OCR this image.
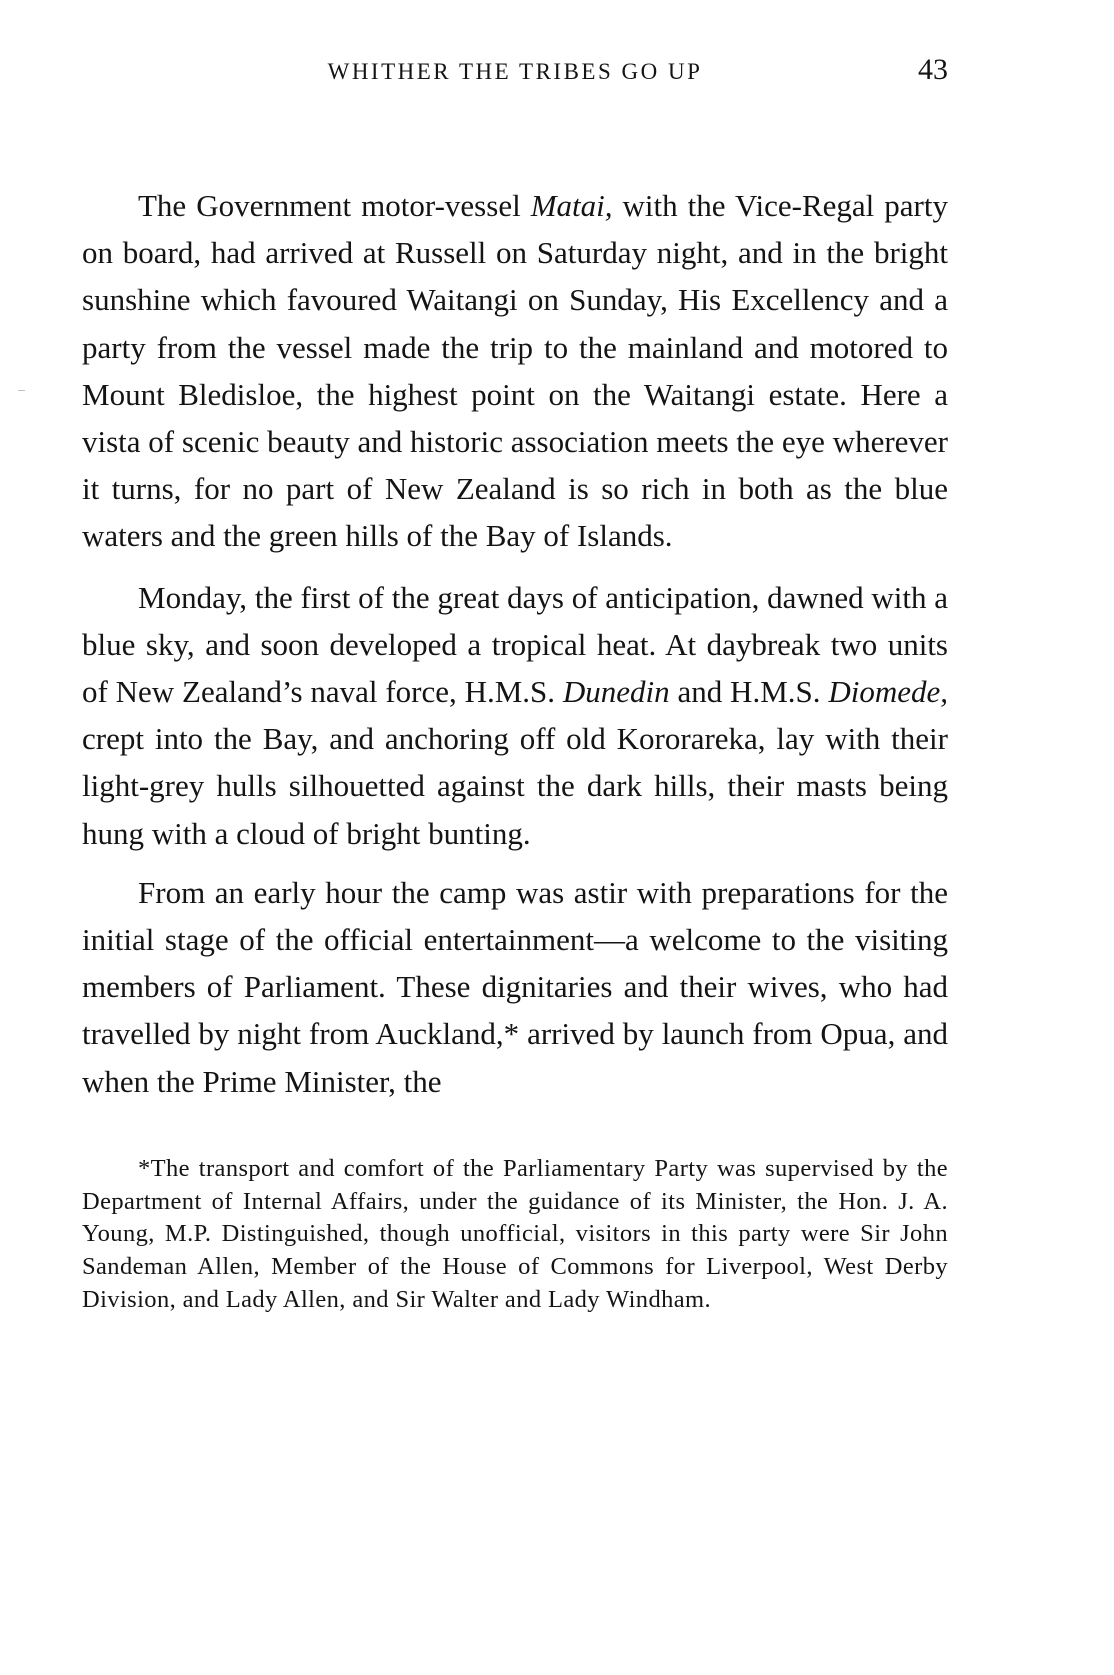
WHITHER THE TRIBES GO UP	43

The Government motor-vessel Matai, with the Vice-Regal party on board, had arrived at Russell on Saturday night, and in the bright sunshine which favoured Waitangi on Sunday, His Excellency and a party from the vessel made the trip to the mainland and motored to Mount Bledisloe, the highest point on the Waitangi estate. Here a vista of scenic beauty and historic association meets the eye wherever it turns, for no part of New Zealand is so rich in both as the blue waters and the green hills of the Bay of Islands.

Monday, the first of the great days of anticipation, dawned with a blue sky, and soon developed a tropical heat. At daybreak two units of New Zealand’s naval force, H.M.S. Dunedin and H.M.S. Diomede, crept into the Bay, and anchoring off old Kororareka, lay with their light-grey hulls silhouetted against the dark hills, their masts being hung with a cloud of bright bunting.

From an early hour the camp was astir with preparations for the initial stage of the official entertainment—a welcome to the visiting members of Parliament. These dignitaries and their wives, who had travelled by night from Auckland,* arrived by launch from Opua, and when the Prime Minister, the

*The transport and comfort of the Parliamentary Party was supervised by the Department of Internal Affairs, under the guidance of its Minister, the Hon. J. A. Young, M.P. Distinguished, though unofficial, visitors in this party were Sir John Sandeman Allen, Member of the House of Commons for Liverpool, West Derby Division, and Lady Allen, and Sir Walter and Lady Windham.
